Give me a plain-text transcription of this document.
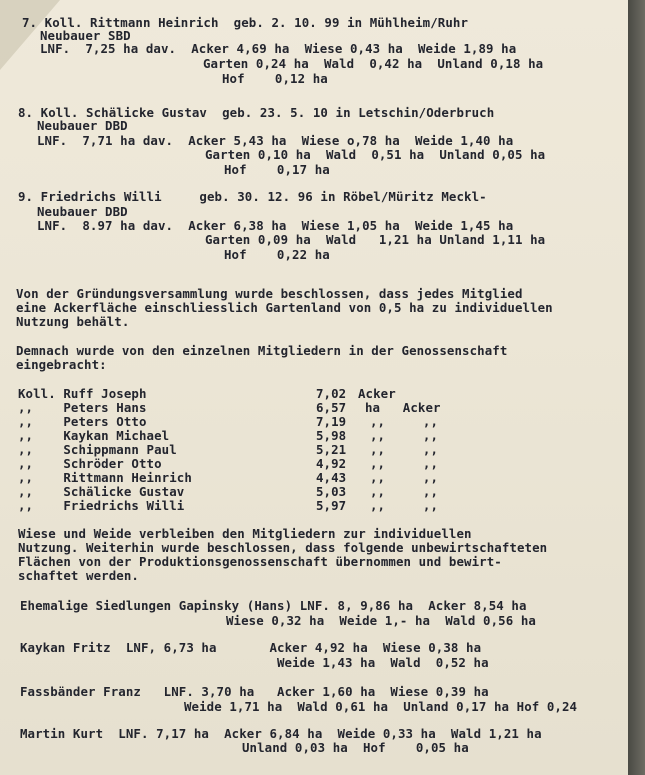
7. Koll. Rittmann Heinrich  geb. 2. 10. 99 in Mühlheim/Ruhr
Neubauer SBD
LNF.  7,25 ha dav.  Acker 4,69 ha  Wiese 0,43 ha  Weide 1,89 ha
Garten 0,24 ha  Wald  0,42 ha  Unland 0,18 ha
Hof    0,12 ha
8. Koll. Schälicke Gustav  geb. 23. 5. 10 in Letschin/Oderbruch
Neubauer DBD
LNF.  7,71 ha dav.  Acker 5,43 ha  Wiese o,78 ha  Weide 1,40 ha
Garten 0,10 ha  Wald  0,51 ha  Unland 0,05 ha
Hof    0,17 ha
9. Friedrichs Willi     geb. 30. 12. 96 in Röbel/Müritz Meckl-
Neubauer DBD
LNF.  8.97 ha dav.  Acker 6,38 ha  Wiese 1,05 ha  Weide 1,45 ha
Garten 0,09 ha  Wald   1,21 ha Unland 1,11 ha
Hof    0,22 ha
Von der Gründungsversammlung wurde beschlossen, dass jedes Mitglied
eine Ackerfläche einschliesslich Gartenland von 0,5 ha zu individuellen
Nutzung behält.
Demnach wurde von den einzelnen Mitgliedern in der Genossenschaft
eingebracht:
Koll. Ruff Joseph	7,02 Acker
,,    Peters Hans	6,57 ha   Acker
,,    Peters Otto	7,19 ,,     ,,
,,    Kaykan Michael	5,98 ,,     ,,
,,    Schippmann Paul	5,21 ,,     ,,
,,    Schröder Otto	4,92 ,,     ,,
,,    Rittmann Heinrich	4,43 ,,     ,,
,,    Schälicke Gustav	5,03 ,,     ,,
,,    Friedrichs Willi	5,97 ,,     ,,
Wiese und Weide verbleiben den Mitgliedern zur individuellen
Nutzung. Weiterhin wurde beschlossen, dass folgende unbewirtschafteten
Flächen von der Produktionsgenossenschaft übernommen und bewirt-
schaftet werden.
Ehemalige Siedlungen Gapinsky (Hans) LNF. 8, 9,86 ha  Acker 8,54 ha
Wiese 0,32 ha  Weide 1,- ha  Wald 0,56 ha
Kaykan Fritz  LNF, 6,73 ha       Acker 4,92 ha  Wiese 0,38 ha
Weide 1,43 ha  Wald  0,52 ha
Fassbänder Franz   LNF. 3,70 ha   Acker 1,60 ha  Wiese 0,39 ha
Weide 1,71 ha  Wald 0,61 ha  Unland 0,17 ha Hof 0,24
Martin Kurt  LNF. 7,17 ha  Acker 6,84 ha  Weide 0,33 ha  Wald 1,21 ha
Unland 0,03 ha  Hof    0,05 ha
